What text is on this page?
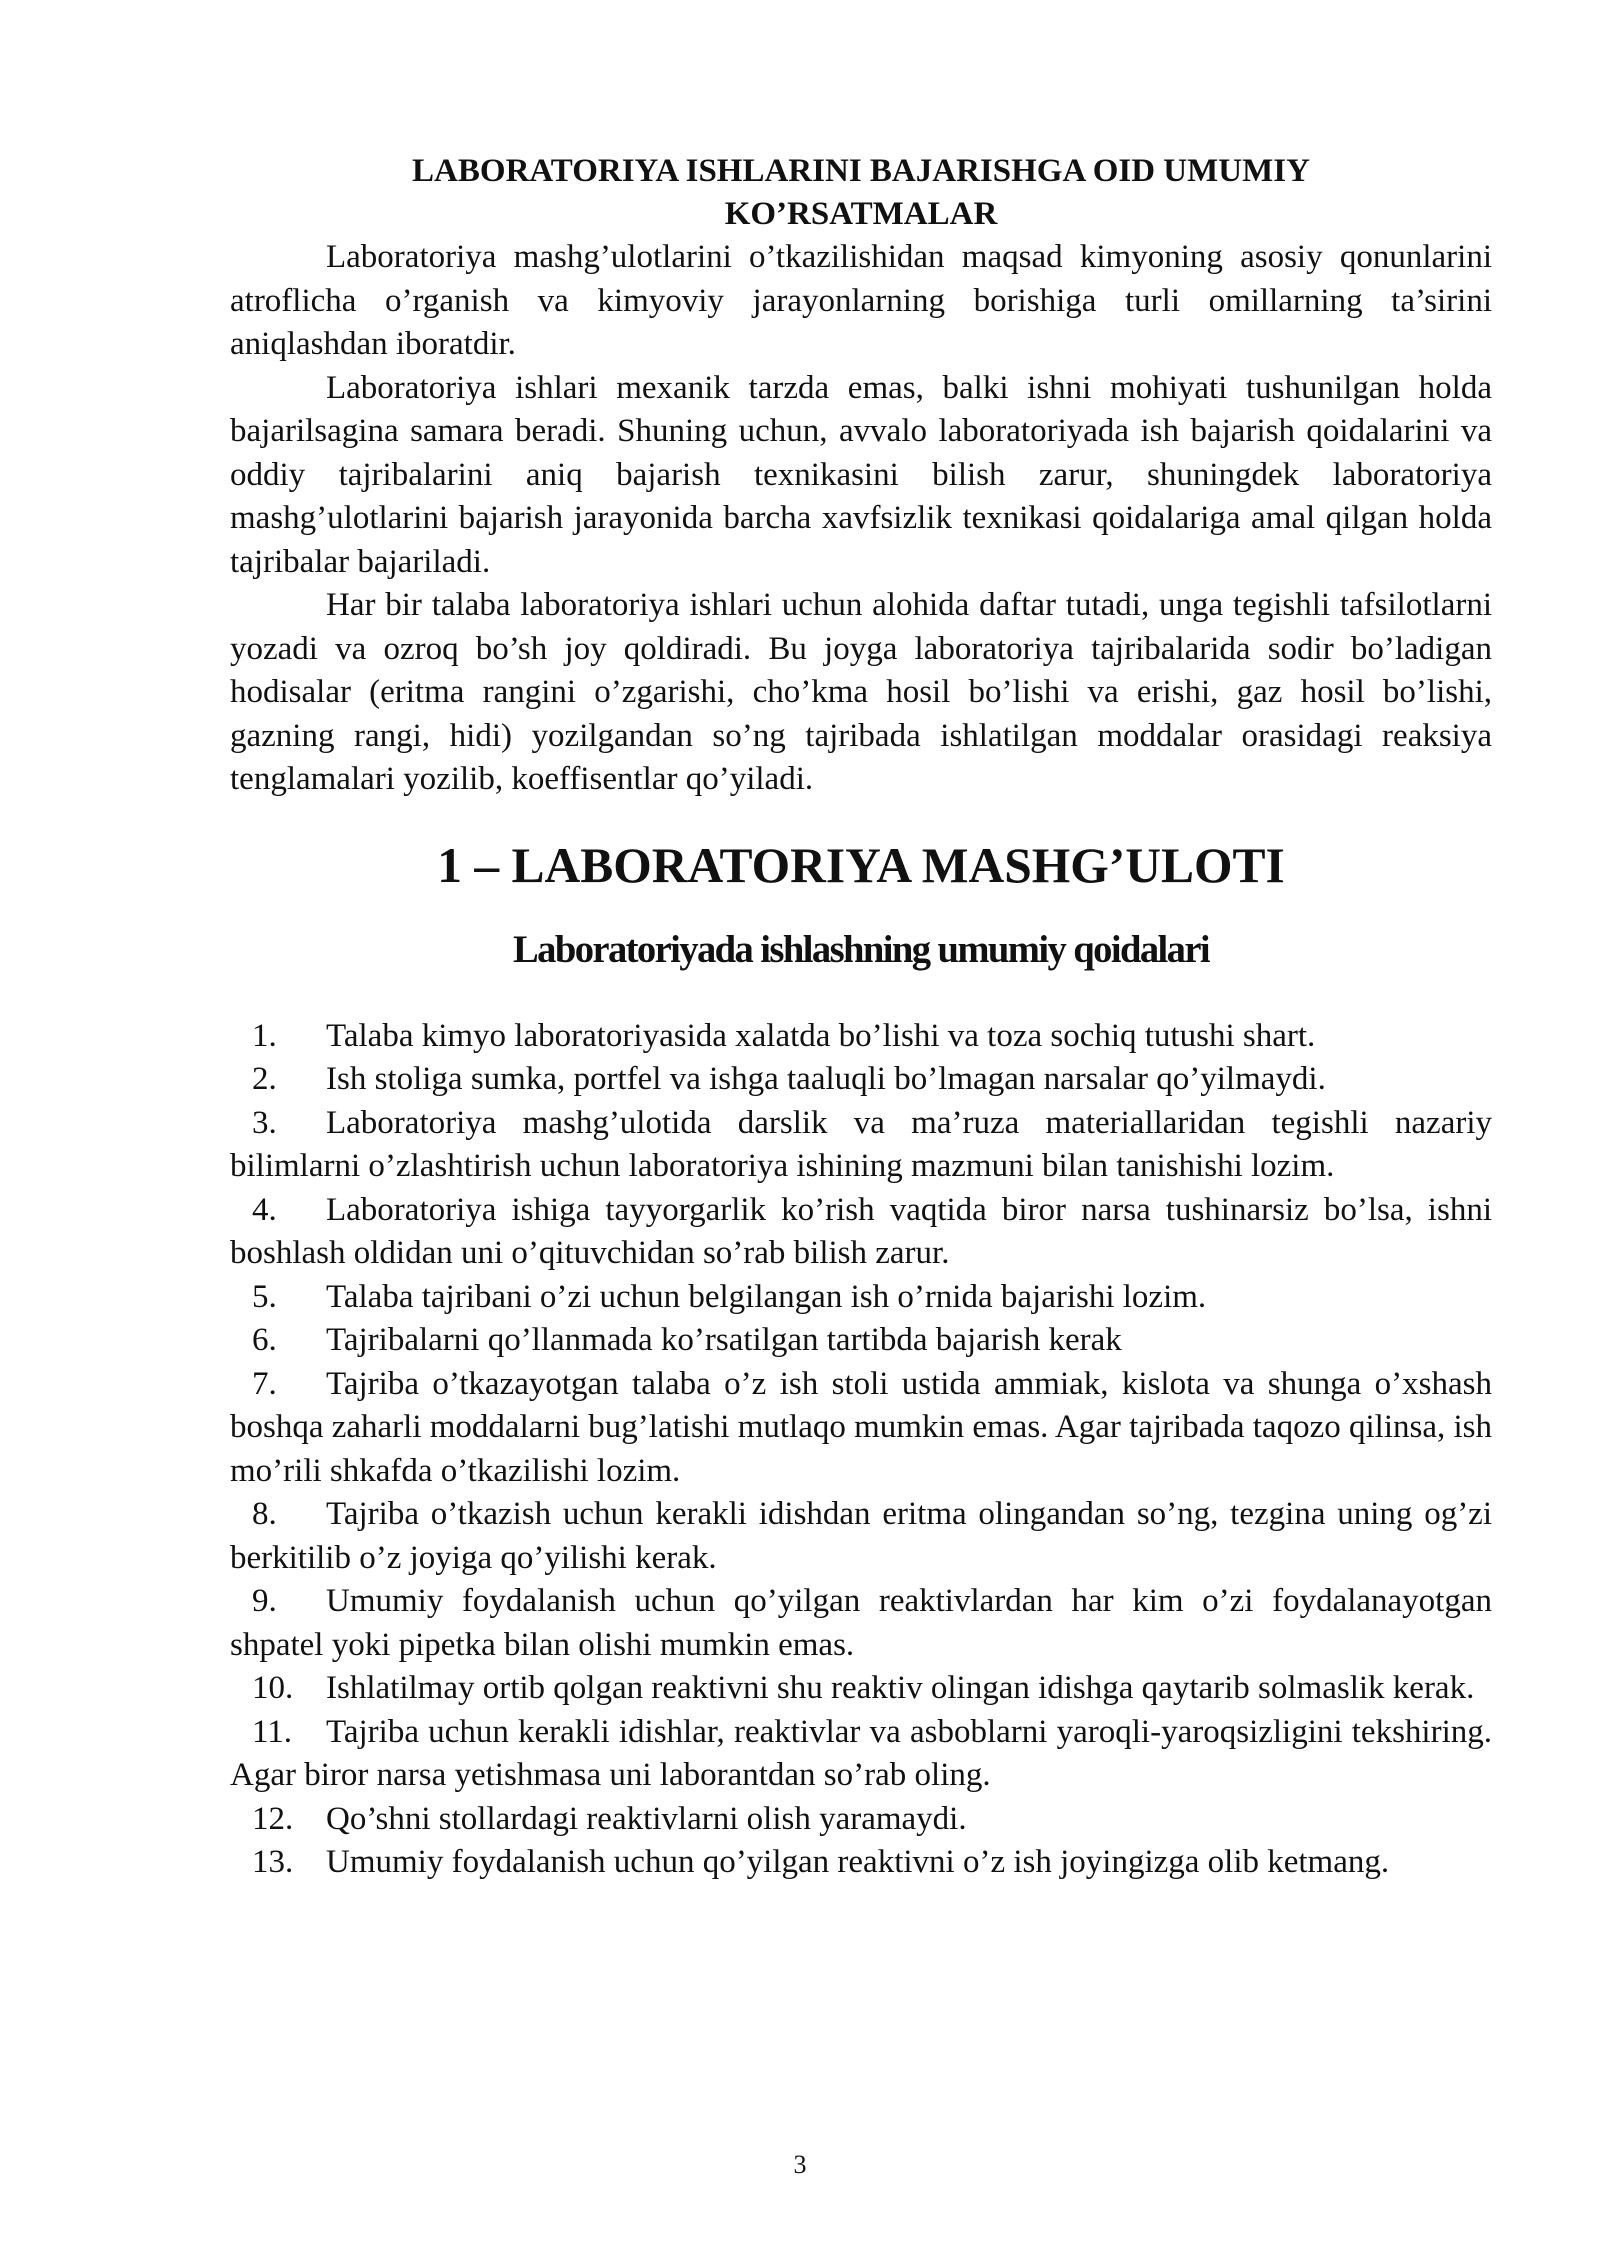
LABORATORIYA ISHLARINI BAJARISHGA OID UMUMIY
KO’RSATMALAR

Laboratoriya mashg’ulotlarini o’tkazilishidan maqsad kimyoning asosiy qonunlarini atroflicha o’rganish va kimyoviy jarayonlarning borishiga turli omillarning ta’sirini aniqlashdan iboratdir.

Laboratoriya ishlari mexanik tarzda emas, balki ishni mohiyati tushunilgan holda bajarilsagina samara beradi. Shuning uchun, avvalo laboratoriyada ish bajarish qoidalarini va oddiy tajribalarini aniq bajarish texnikasini bilish zarur, shuningdek laboratoriya mashg’ulotlarini bajarish jarayonida barcha xavfsizlik texnikasi qoidalariga amal qilgan holda tajribalar bajariladi.

Har bir talaba laboratoriya ishlari uchun alohida daftar tutadi, unga tegishli tafsilotlarni yozadi va ozroq bo’sh joy qoldiradi. Bu joyga laboratoriya tajribalarida sodir bo’ladigan hodisalar (eritma rangini o’zgarishi, cho’kma hosil bo’lishi va erishi, gaz hosil bo’lishi, gazning rangi, hidi) yozilgandan so’ng tajribada ishlatilgan moddalar orasidagi reaksiya tenglamalari yozilib, koeffisentlar qo’yiladi.

1 – LABORATORIYA MASHG’ULOTI
Laboratoriyada ishlashning umumiy qoidalari
1. Talaba kimyo laboratoriyasida xalatda bo’lishi va toza sochiq tutushi shart.
2. Ish stoliga sumka, portfel va ishga taaluqli bo’lmagan narsalar qo’yilmaydi.
3. Laboratoriya mashg’ulotida darslik va ma’ruza materiallaridan tegishli nazariy bilimlarni o’zlashtirish uchun laboratoriya ishining mazmuni bilan tanishishi lozim.
4. Laboratoriya ishiga tayyorgarlik ko’rish vaqtida biror narsa tushinarsiz bo’lsa, ishni boshlash oldidan uni o’qituvchidan so’rab bilish zarur.
5. Talaba tajribani o’zi uchun belgilangan ish o’rnida bajarishi lozim.
6. Tajribalarni qo’llanmada ko’rsatilgan tartibda bajarish kerak
7. Tajriba o’tkazayotgan talaba o’z ish stoli ustida ammiak, kislota va shunga o’xshash boshqa zaharli moddalarni bug’latishi mutlaqo mumkin emas. Agar tajribada taqozo qilinsa, ish mo’rili shkafda o’tkazilishi lozim.
8. Tajriba o’tkazish uchun kerakli idishdan eritma olingandan so’ng, tezgina uning og’zi berkitilib o’z joyiga qo’yilishi kerak.
9. Umumiy foydalanish uchun qo’yilgan reaktivlardan har kim o’zi foydalanayotgan shpatel yoki pipetka bilan olishi mumkin emas.
10. Ishlatilmay ortib qolgan reaktivni shu reaktiv olingan idishga qaytarib solmaslik kerak.
11. Tajriba uchun kerakli idishlar, reaktivlar va asboblarni yaroqli-yaroqsizligini tekshiring. Agar biror narsa yetishmasa uni laborantdan so’rab oling.
12. Qo’shni stollardagi reaktivlarni olish yaramaydi.
13. Umumiy foydalanish uchun qo’yilgan reaktivni o’z ish joyingizga olib ketmang.
3
